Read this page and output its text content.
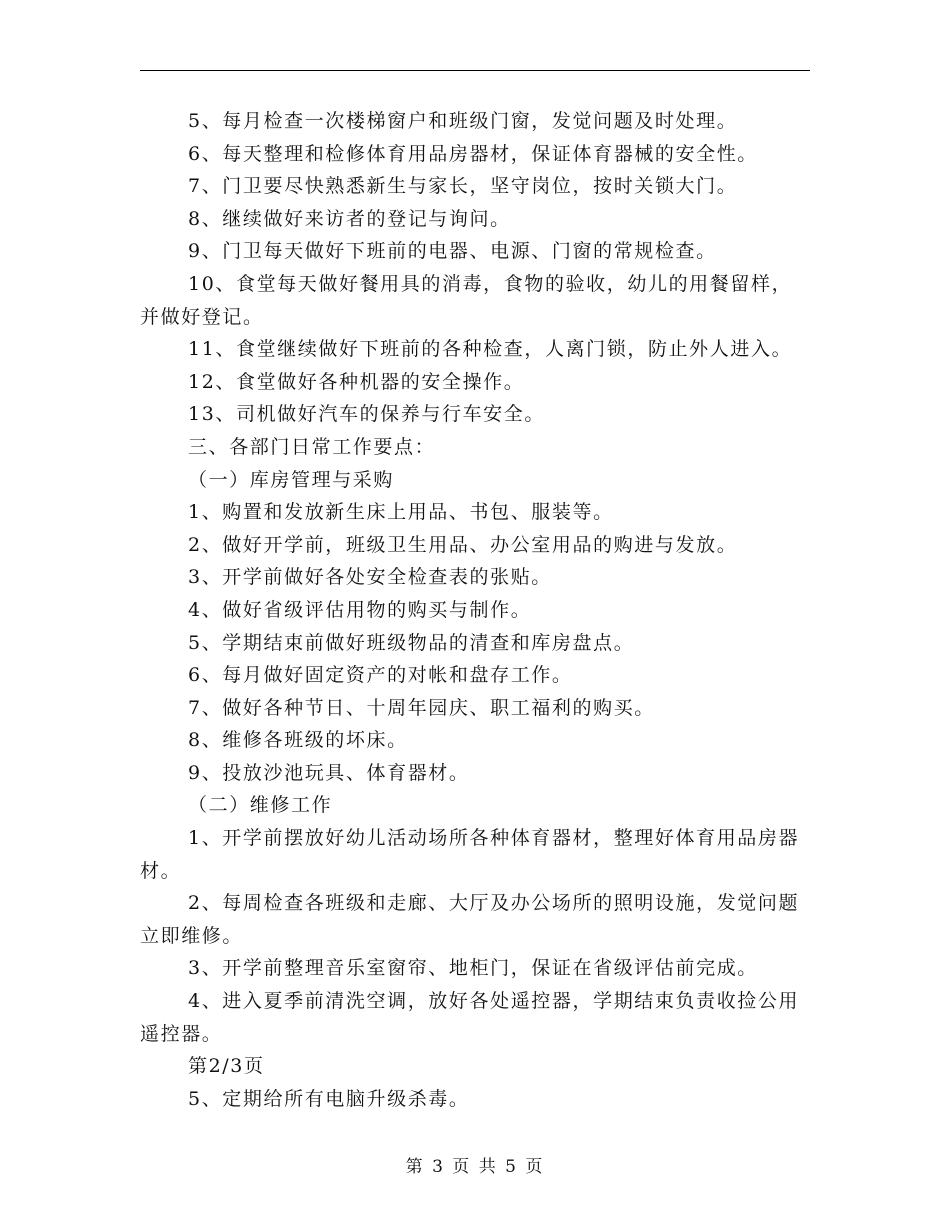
5、每月检查一次楼梯窗户和班级门窗，发觉问题及时处理。

6、每天整理和检修体育用品房器材，保证体育器械的安全性。

7、门卫要尽快熟悉新生与家长，坚守岗位，按时关锁大门。

8、继续做好来访者的登记与询问。

9、门卫每天做好下班前的电器、电源、门窗的常规检查。

10、食堂每天做好餐用具的消毒，食物的验收，幼儿的用餐留样，并做好登记。

11、食堂继续做好下班前的各种检查，人离门锁，防止外人进入。

12、食堂做好各种机器的安全操作。

13、司机做好汽车的保养与行车安全。

三、各部门日常工作要点：

（一）库房管理与采购

1、购置和发放新生床上用品、书包、服装等。

2、做好开学前，班级卫生用品、办公室用品的购进与发放。

3、开学前做好各处安全检查表的张贴。

4、做好省级评估用物的购买与制作。

5、学期结束前做好班级物品的清查和库房盘点。

6、每月做好固定资产的对帐和盘存工作。

7、做好各种节日、十周年园庆、职工福利的购买。

8、维修各班级的坏床。

9、投放沙池玩具、体育器材。

（二）维修工作

1、开学前摆放好幼儿活动场所各种体育器材，整理好体育用品房器材。

2、每周检查各班级和走廊、大厅及办公场所的照明设施，发觉问题立即维修。

3、开学前整理音乐室窗帘、地柜门，保证在省级评估前完成。

4、进入夏季前清洗空调，放好各处遥控器，学期结束负责收捡公用遥控器。

第2/3页

5、定期给所有电脑升级杀毒。

第 3 页 共 5 页
